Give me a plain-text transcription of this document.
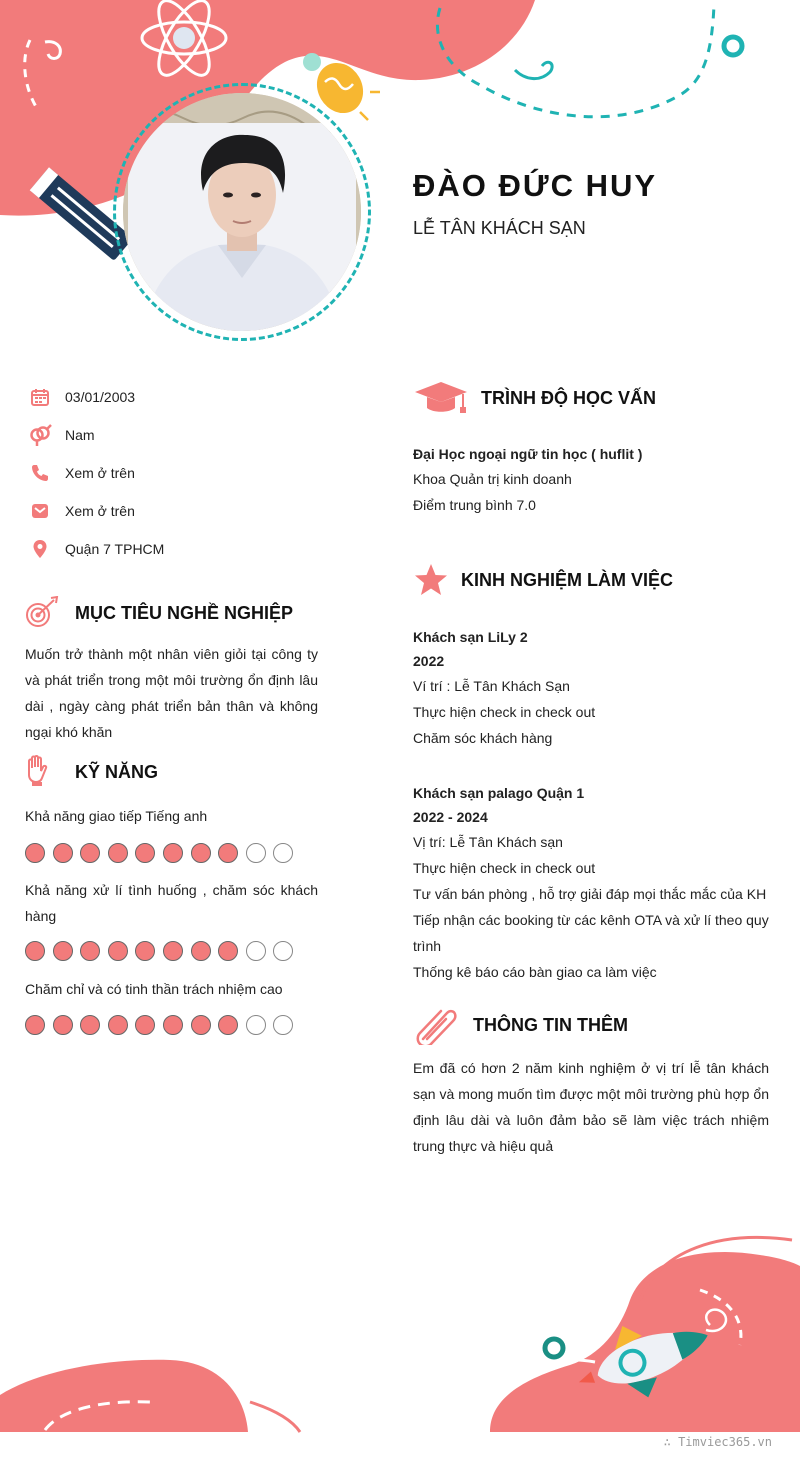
ĐÀO ĐỨC HUY
LỄ TÂN KHÁCH SẠN
03/01/2003
Nam
Xem ở trên
Xem ở trên
Quận 7 TPHCM
MỤC TIÊU NGHỀ NGHIỆP
Muốn trở thành một nhân viên giỏi tại công ty và phát triển trong một môi trường ổn định lâu dài , ngày càng phát triển bản thân và không ngại khó khăn
KỸ NĂNG
Khả năng giao tiếp Tiếng anh
Khả năng xử lí tình huống , chăm sóc khách hàng
Chăm chỉ và có tinh thần trách nhiệm cao
TRÌNH ĐỘ HỌC VẤN
Đại Học ngoại ngữ tin học ( huflit )
Khoa Quản trị kinh doanh
Điểm trung bình 7.0
KINH NGHIỆM LÀM VIỆC
Khách sạn LiLy 2
2022
Ví trí : Lễ Tân Khách Sạn
Thực hiện check in check out
Chăm sóc khách hàng
Khách sạn palago Quận 1
2022 - 2024
Vị trí: Lễ Tân Khách sạn
Thực hiện check in check out
Tư vấn bán phòng , hỗ trợ giải đáp mọi thắc mắc của KH
Tiếp nhận các booking từ các kênh OTA và xử lí theo quy
trình
Thống kê báo cáo bàn giao ca làm việc
THÔNG TIN THÊM
Em đã có hơn 2 năm kinh nghiệm ở vị trí lễ tân khách sạn và mong muốn tìm được một môi trường phù hợp ổn định lâu dài và luôn đảm bảo sẽ làm việc trách nhiệm trung thực và hiệu quả
∴ Timviec365.vn
